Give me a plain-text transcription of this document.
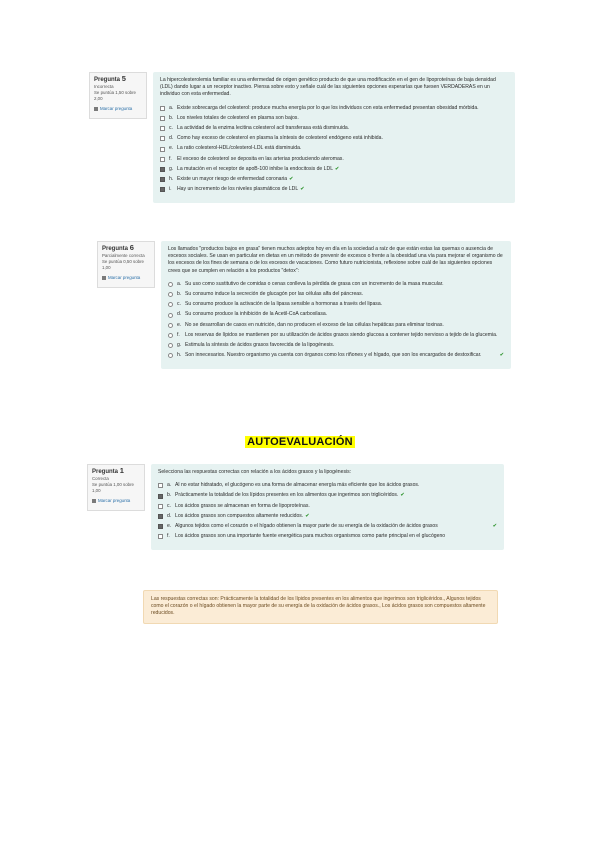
Pregunta 5
Incorrecta
Se puntúa 1,50 sobre 2,00
Marcar pregunta
La hipercolesterolemia familiar es una enfermedad de origen genético producto de que una modificación en el gen de lipoproteínas de baja densidad (LDL) dando lugar a un receptor inactivo. Piensa sobre esto y señale cuál de las siguientes opciones esperarías que fuesen VERDADERAS en un individuo con esta enfermedad.
a. Existe sobrecarga del colesterol: produce mucha energía por lo que los individuos con esta enfermedad presentan obesidad mórbida.
b. Los niveles totales de colesterol en plasma son bajos.
c. La actividad de la enzima lecitina colesterol acil transferasa está disminuida.
d. Como hay exceso de colesterol en plasma la síntesis de colesterol endógeno está inhibida.
e. La ratio colesterol-HDL/colesterol-LDL está disminuida.
f.	El exceso de colesterol se deposita en las arterias produciendo ateromas.
g. La mutación en el receptor de apoB-100 inhibe la endocitosis de LDL ✔
h. Existe un mayor riesgo de enfermedad coronaria ✔
i.	Hay un incremento de los niveles plasmáticos de LDL ✔
Pregunta 6
Parcialmente correcta
Se puntúa 0,50 sobre 1,00
Marcar pregunta
Los llamados "productos bajos en grasa" tienen muchos adeptos hoy en día en la sociedad a raíz de que están estas las quemas o ausencia de excesos sociales. Se usan en particular en dietas en un método de prevenir de excesos o frente a la obesidad una vía para mejorar el organismo de los excesos de los fines de semana o de los excesos de vacaciones. Como futuro nutricionista, reflexione sobre cuál de las siguientes opciones crees que se cumplen en relación a los productos "detox":
a. Su uso como sustitutivo de comidas o cenas conlleva la pérdida de grasa con un incremento de la masa muscular.
b. Su consumo induce la secreción de glucagón por las células alfa del páncreas.
c. Su consumo produce la activación de la lipasa sensible a hormonas a través del lipasa.
d. Su consumo produce la inhibición de la Acetil-CoA carboxilasa.
e. No se desarrollan de casos en nutrición, dan no producen el exceso de las células hepáticas para eliminar toxinas.
f.	Los reservas de lípidos se mantienen por su utilización de ácidos grasos siendo glucosa a contener tejido nervioso a tejido de la glucemia.
g. Estimula la síntesis de ácidos grasos favorecida de la lipogénesis.
h. Son innecesarios. Nuestro organismo ya cuenta con órganos como los riñones y el hígado, que son los encargados de destoxificar.	✔
AUTOEVALUACIÓN
Pregunta 1
Correcta
Se puntúa 1,00 sobre 1,00
Marcar pregunta
Selecciona las respuestas correctas con relación a los ácidos grasos y la lipogénesis:
a. Al no estar hidratado, el glucógeno es una forma de almacenar energía más eficiente que los ácidos grasos.
b. Prácticamente la totalidad de los lípidos presentes en los alimentos que ingerimos son triglicéridos. ✔
c. Los ácidos grasos se almacenan en forma de lipoproteínas.
d. Los ácidos grasos son compuestos altamente reducidos. ✔
e. Algunos tejidos como el corazón o el hígado obtienen la mayor parte de su energía de la oxidación de ácidos grasos	✔
f.	Los ácidos grasos son una importante fuente energética para muchos organismos como parte principal en el glucógeno
Las respuestas correctas son: Prácticamente la totalidad de los lípidos presentes en los alimentos que ingerimos son triglicéridos., Algunos tejidos como el corazón o el hígado obtienen la mayor parte de su energía de la oxidación de ácidos grasos., Los ácidos grasos son compuestos altamente reducidos.
